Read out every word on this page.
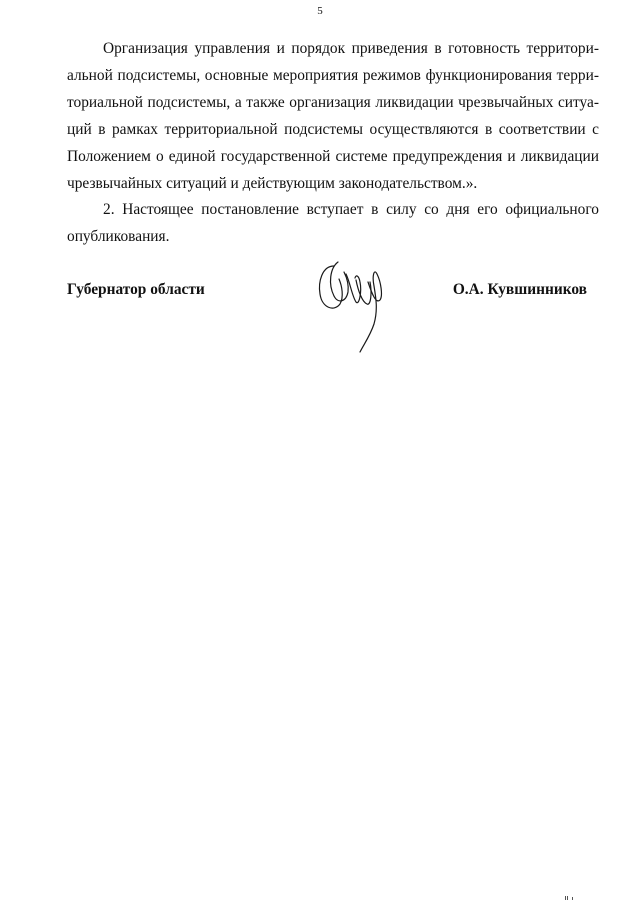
5
Организация управления и порядок приведения в готовность территори-
альной подсистемы, основные мероприятия режимов функционирования терри-
ториальной подсистемы, а также организация ликвидации чрезвычайных ситуа-
ций в рамках территориальной подсистемы осуществляются в соответствии с
Положением о единой государственной системе предупреждения и ликвидации
чрезвычайных ситуаций и действующим законодательством.».
2. Настоящее постановление вступает в силу со дня его официального
опубликования.
Губернатор области	О.А. Кувшинников
